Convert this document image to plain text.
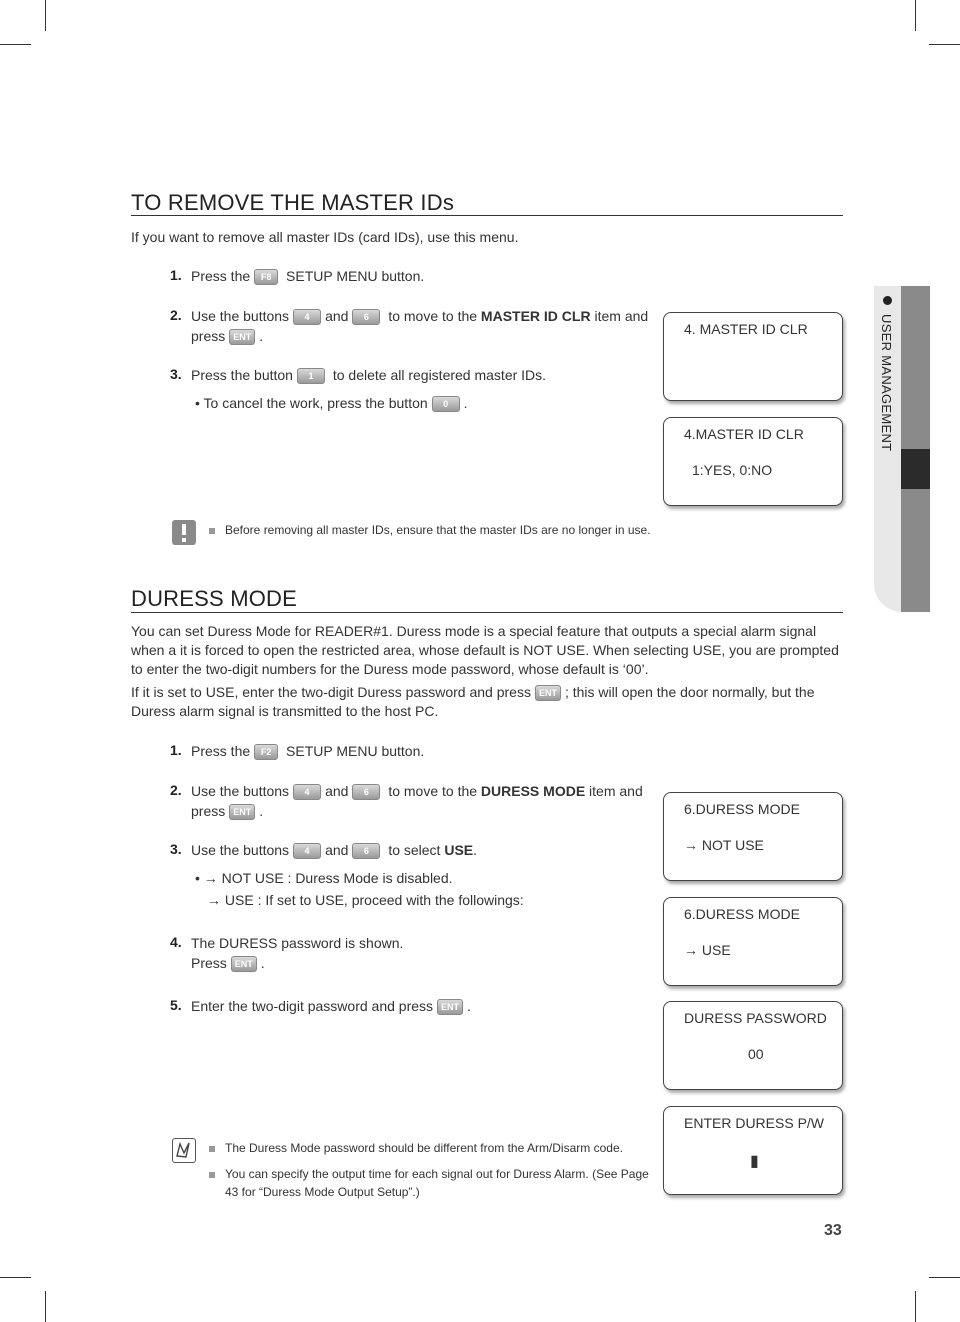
USER MANAGEMENT
TO REMOVE THE MASTER IDs
If you want to remove all master IDs (card IDs), use this menu.
1. Press the F8 SETUP MENU button.
2. Use the buttons 4 and 6 to move to the MASTER ID CLR item and
press ENT .
3. Press the button 1 to delete all registered master IDs.
• To cancel the work, press the button 0 .
4. MASTER ID CLR
4.MASTER ID CLR
1:YES, 0:NO
Before removing all master IDs, ensure that the master IDs are no longer in use.
DURESS MODE
You can set Duress Mode for READER#1. Duress mode is a special feature that outputs a special alarm signal when a it is forced to open the restricted area, whose default is NOT USE. When selecting USE, you are prompted to enter the two-digit numbers for the Duress mode password, whose default is ‘00’.
If it is set to USE, enter the two-digit Duress password and press ENT ; this will open the door normally, but the Duress alarm signal is transmitted to the host PC.
1. Press the F2 SETUP MENU button.
2. Use the buttons 4 and 6 to move to the DURESS MODE item and
press ENT .
3. Use the buttons 4 and 6 to select USE.
• → NOT USE : Duress Mode is disabled.
→ USE : If set to USE, proceed with the followings:
4. The DURESS password is shown.
Press ENT .
5. Enter the two-digit password and press ENT .
6.DURESS MODE
→ NOT USE
6.DURESS MODE
→ USE
DURESS PASSWORD
00
ENTER DURESS P/W
▮
The Duress Mode password should be different from the Arm/Disarm code.
You can specify the output time for each signal out for Duress Alarm. (See Page
43 for “Duress Mode Output Setup”.)
33
